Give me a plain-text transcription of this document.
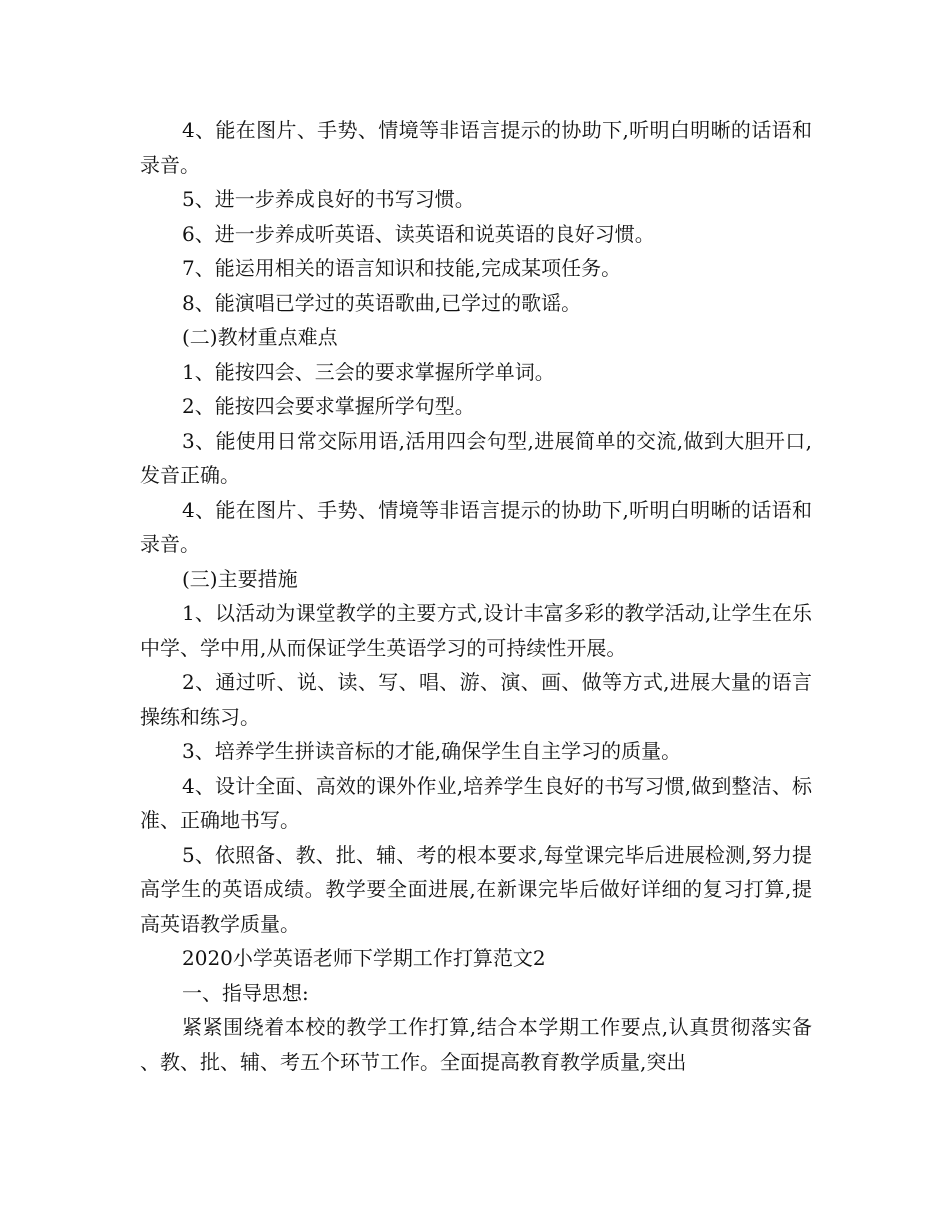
4、能在图片、手势、情境等非语言提示的协助下,听明白明晰的话语和录音。

5、进一步养成良好的书写习惯。

6、进一步养成听英语、读英语和说英语的良好习惯。

7、能运用相关的语言知识和技能,完成某项任务。

8、能演唱已学过的英语歌曲,已学过的歌谣。

(二)教材重点难点

1、能按四会、三会的要求掌握所学单词。

2、能按四会要求掌握所学句型。

3、能使用日常交际用语,活用四会句型,进展简单的交流,做到大胆开口,发音正确。

4、能在图片、手势、情境等非语言提示的协助下,听明白明晰的话语和录音。

(三)主要措施

1、以活动为课堂教学的主要方式,设计丰富多彩的教学活动,让学生在乐中学、学中用,从而保证学生英语学习的可持续性开展。

2、通过听、说、读、写、唱、游、演、画、做等方式,进展大量的语言操练和练习。

3、培养学生拼读音标的才能,确保学生自主学习的质量。

4、设计全面、高效的课外作业,培养学生良好的书写习惯,做到整洁、标准、正确地书写。

5、依照备、教、批、辅、考的根本要求,每堂课完毕后进展检测,努力提高学生的英语成绩。教学要全面进展,在新课完毕后做好详细的复习打算,提高英语教学质量。

2020小学英语老师下学期工作打算范文2

一、指导思想:

紧紧围绕着本校的教学工作打算,结合本学期工作要点,认真贯彻落实备、教、批、辅、考五个环节工作。全面提高教育教学质量,突出
